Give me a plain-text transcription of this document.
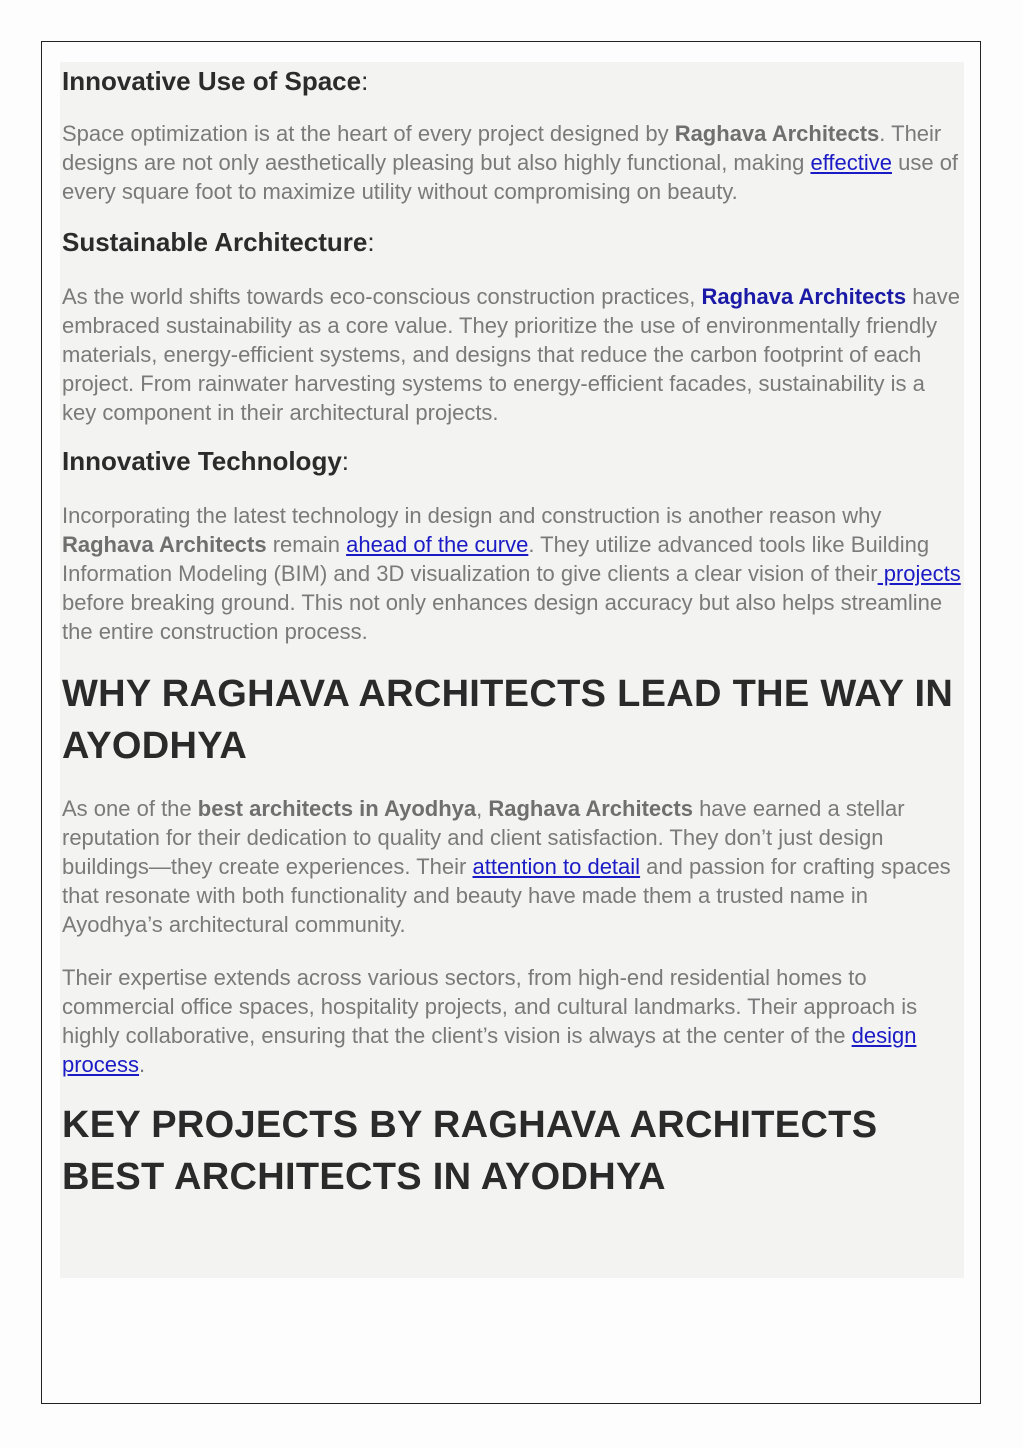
Innovative Use of Space:

Space optimization is at the heart of every project designed by Raghava Architects. Their designs are not only aesthetically pleasing but also highly functional, making effective use of every square foot to maximize utility without compromising on beauty.

Sustainable Architecture:

As the world shifts towards eco-conscious construction practices, Raghava Architects have embraced sustainability as a core value. They prioritize the use of environmentally friendly materials, energy-efficient systems, and designs that reduce the carbon footprint of each project. From rainwater harvesting systems to energy-efficient facades, sustainability is a key component in their architectural projects.

Innovative Technology:

Incorporating the latest technology in design and construction is another reason why Raghava Architects remain ahead of the curve. They utilize advanced tools like Building Information Modeling (BIM) and 3D visualization to give clients a clear vision of their projects before breaking ground. This not only enhances design accuracy but also helps streamline the entire construction process.

WHY RAGHAVA ARCHITECTS LEAD THE WAY IN AYODHYA

As one of the best architects in Ayodhya, Raghava Architects have earned a stellar reputation for their dedication to quality and client satisfaction. They don’t just design buildings—they create experiences. Their attention to detail and passion for crafting spaces that resonate with both functionality and beauty have made them a trusted name in Ayodhya’s architectural community.

Their expertise extends across various sectors, from high-end residential homes to commercial office spaces, hospitality projects, and cultural landmarks. Their approach is highly collaborative, ensuring that the client’s vision is always at the center of the design process.

KEY PROJECTS BY RAGHAVA ARCHITECTS BEST ARCHITECTS IN AYODHYA
